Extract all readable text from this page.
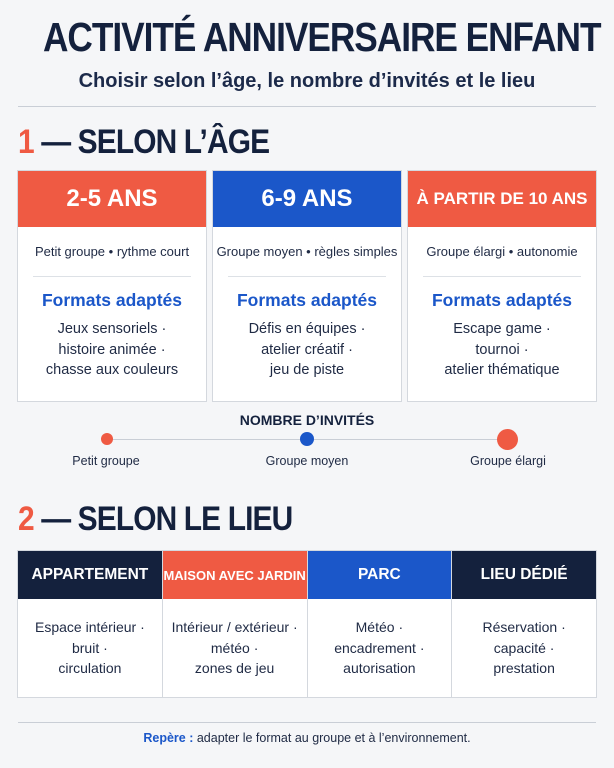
ACTIVITÉ ANNIVERSAIRE ENFANT
Choisir selon l’âge, le nombre d’invités et le lieu
1 — SELON L’ÂGE
2-5 ANS
Petit groupe • rythme court
Formats adaptés
Jeux sensoriels ·
histoire animée ·
chasse aux couleurs
6-9 ANS
Groupe moyen • règles simples
Formats adaptés
Défis en équipes ·
atelier créatif ·
jeu de piste
À PARTIR DE 10 ANS
Groupe élargi • autonomie
Formats adaptés
Escape game ·
tournoi ·
atelier thématique
NOMBRE D’INVITÉS
Petit groupe	Groupe moyen	Groupe élargi
2 — SELON LE LIEU
APPARTEMENT
Espace intérieur ·
bruit ·
circulation
MAISON AVEC JARDIN
Intérieur / extérieur ·
météo ·
zones de jeu
PARC
Météo ·
encadrement ·
autorisation
LIEU DÉDIÉ
Réservation ·
capacité ·
prestation
Repère : adapter le format au groupe et à l’environnement.
